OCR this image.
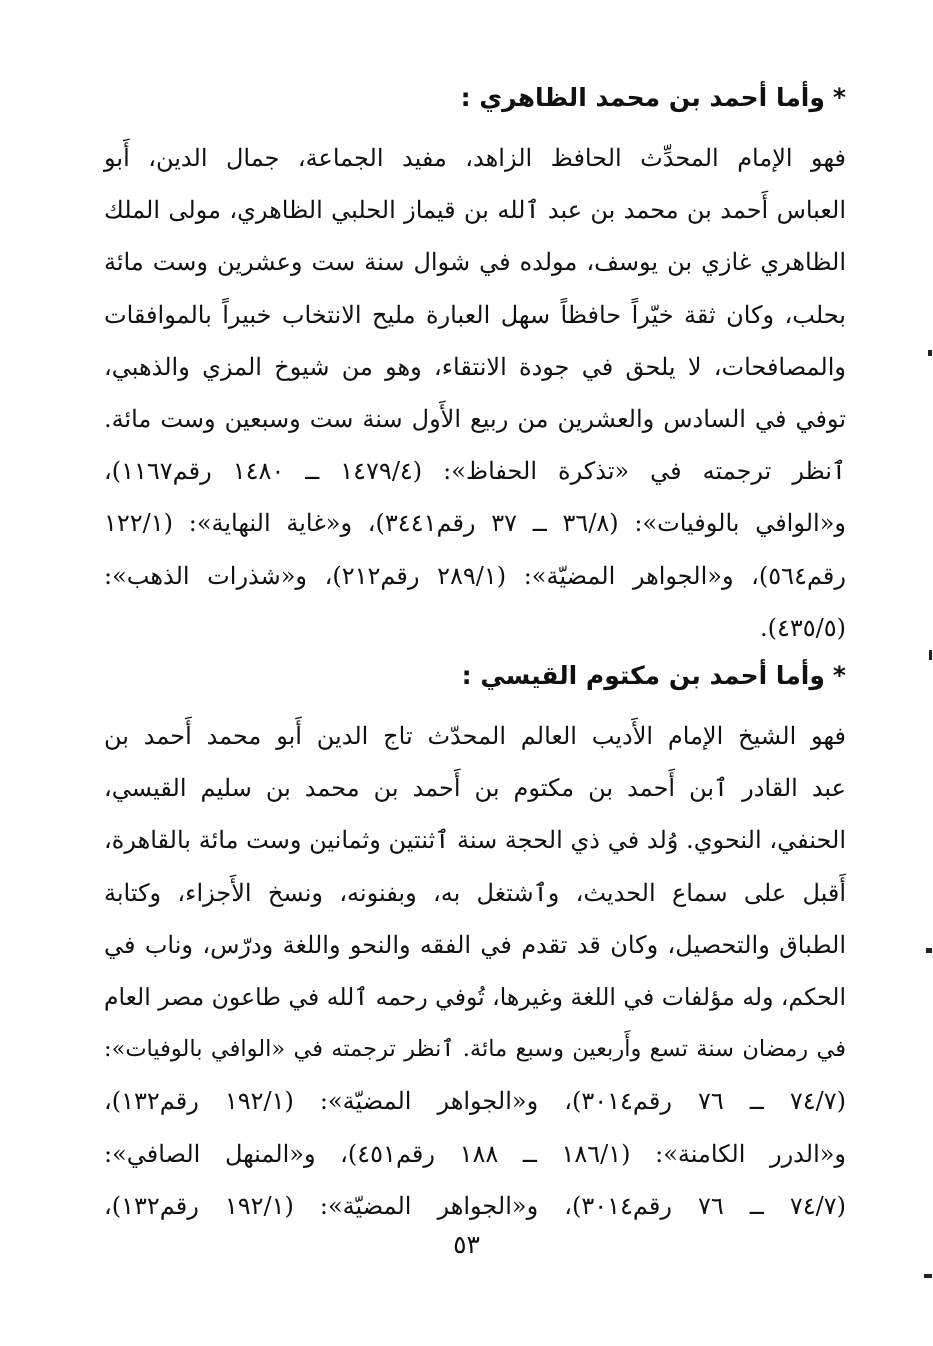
*وأما أحمد بن محمد الظاهري :
فهو الإمام المحدِّث الحافظ الزاهد، مفيد الجماعة، جمال الدين، أَبو
العباس أَحمد بن محمد بن عبد ٱلله بن قيماز الحلبي الظاهري، مولى الملك
الظاهري غازي بن يوسف، مولده في شوال سنة ست وعشرين وست مائة
بحلب، وكان ثقة خيّراً حافظاً سهل العبارة مليح الانتخاب خبيراً بالموافقات
والمصافحات، لا يلحق في جودة الانتقاء، وهو من شيوخ المزي والذهبي،
توفي في السادس والعشرين من ربيع الأَول سنة ست وسبعين وست مائة.
ٱنظر ترجمته في «تذكرة الحفاظ»: (١٤٧٩/٤ ــ ١٤٨٠ رقم١١٦٧)،
و«الوافي بالوفيات»: (٣٦/٨ ــ ٣٧ رقم٣٤٤١)، و«غاية النهاية»: (١٢٢/١
رقم٥٦٤)، و«الجواهر المضيّة»: (٢٨٩/١ رقم٢١٢)، و«شذرات الذهب»:
(٤٣٥/٥).
*وأما أحمد بن مكتوم القيسي :
فهو الشيخ الإمام الأَديب العالم المحدّث تاج الدين أَبو محمد أَحمد بن
عبد القادر ٱبن أَحمد بن مكتوم بن أَحمد بن محمد بن سليم القيسي،
الحنفي، النحوي. وُلد في ذي الحجة سنة ٱثنتين وثمانين وست مائة بالقاهرة،
أَقبل على سماع الحديث، وٱشتغل به، وبفنونه، ونسخ الأَجزاء، وكتابة
الطباق والتحصيل، وكان قد تقدم في الفقه والنحو واللغة ودرّس، وناب في
الحكم، وله مؤلفات في اللغة وغيرها، تُوفي رحمه ٱلله في طاعون مصر العام
في رمضان سنة تسع وأَربعين وسبع مائة. ٱنظر ترجمته في «الوافي بالوفيات»:
(٧٤/٧ ــ ٧٦ رقم٣٠١٤)، و«الجواهر المضيّة»: (١٩٢/١ رقم١٣٢)،
و«الدرر الكامنة»: (١٨٦/١ ــ ١٨٨ رقم٤٥١)، و«المنهل الصافي»:
(٧٤/٧ ــ ٧٦ رقم٣٠١٤)، و«الجواهر المضيّة»: (١٩٢/١ رقم١٣٢)،
٥٣
